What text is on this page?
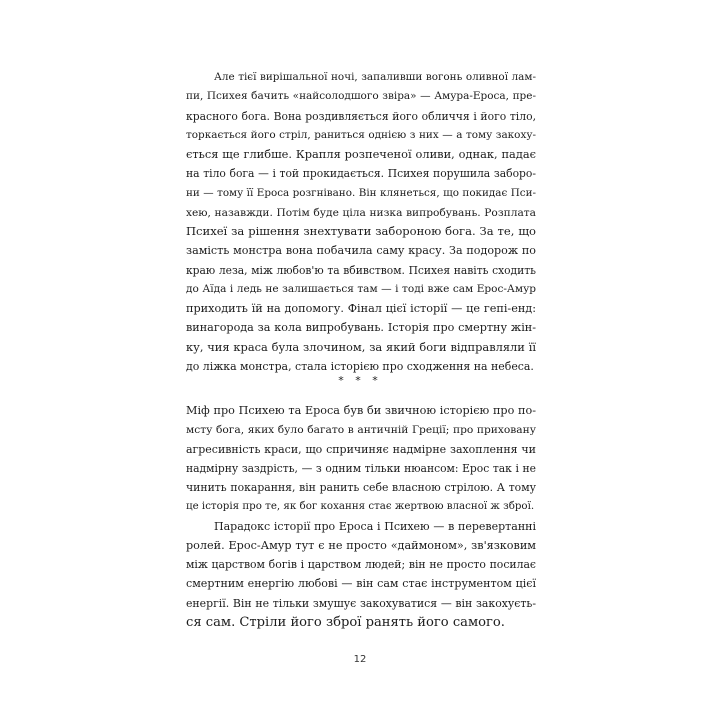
Але тієї вирішальної ночі, запаливши вогонь оливної лам-
пи, Психея бачить «найсолодшого звіра» — Амура-Ероса, пре-
красного бога. Вона роздивляється його обличчя і його тіло,
торкається його стріл, раниться однією з них — а тому закоху-
ється ще глибше. Крапля розпеченої оливи, однак, падає
на тіло бога — і той прокидається. Психея порушила заборо-
ни — тому її Ероса розгнівано. Він клянеться, що покидає Пси-
хею, назавжди. Потім буде ціла низка випробувань. Розплата
Психеї за рішення знехтувати забороною бога. За те, що
замість монстра вона побачила саму красу. За подорож по
краю леза, між любов'ю та вбивством. Психея навіть сходить
до Аїда і ледь не залишається там — і тоді вже сам Ерос-Амур
приходить їй на допомогу. Фінал цієї історії — це гепі-енд:
винагорода за кола випробувань. Історія про смертну жін-
ку, чия краса була злочином, за який боги відправляли її
до ліжка монстра, стала історією про сходження на небеса.
* * *
Міф про Психею та Ероса був би звичною історією про по-
мсту бога, яких було багато в античній Греції; про приховану
агресивність краси, що спричиняє надмірне захоплення чи
надмірну заздрість, — з одним тільки нюансом: Ерос так і не
чинить покарання, він ранить себе власною стрілою. А тому
це історія про те, як бог кохання стає жертвою власної ж зброї.
Парадокс історії про Ероса і Психею — в перевертанні
ролей. Ерос-Амур тут є не просто «даймоном», зв'язковим
між царством богів і царством людей; він не просто посилає
смертним енергію любові — він сам стає інструментом цієї
енергії. Він не тільки змушує закохуватися — він закохуєть-
ся сам. Стріли його зброї ранять його самого.
12
